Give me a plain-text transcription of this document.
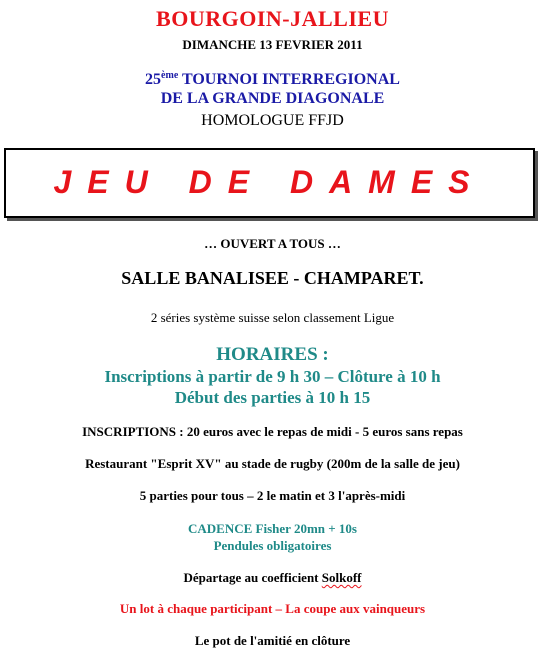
BOURGOIN-JALLIEU
DIMANCHE 13 FEVRIER 2011
25ème TOURNOI INTERREGIONAL
DE LA GRANDE DIAGONALE
HOMOLOGUE FFJD
JEU DE DAMES
… OUVERT A TOUS …
SALLE BANALISEE - CHAMPARET.
2 séries système suisse selon classement Ligue
HORAIRES :
Inscriptions à partir de 9 h 30 – Clôture à 10 h
Début des parties à 10 h 15
INSCRIPTIONS : 20 euros avec le repas de midi - 5 euros sans repas
Restaurant "Esprit XV" au stade de rugby (200m de la salle de jeu)
5 parties pour tous – 2 le matin et 3 l'après-midi
CADENCE Fisher 20mn + 10s
Pendules obligatoires
Départage au coefficient Solkoff
Un lot à chaque participant – La coupe aux vainqueurs
Le pot de l'amitié en clôture
